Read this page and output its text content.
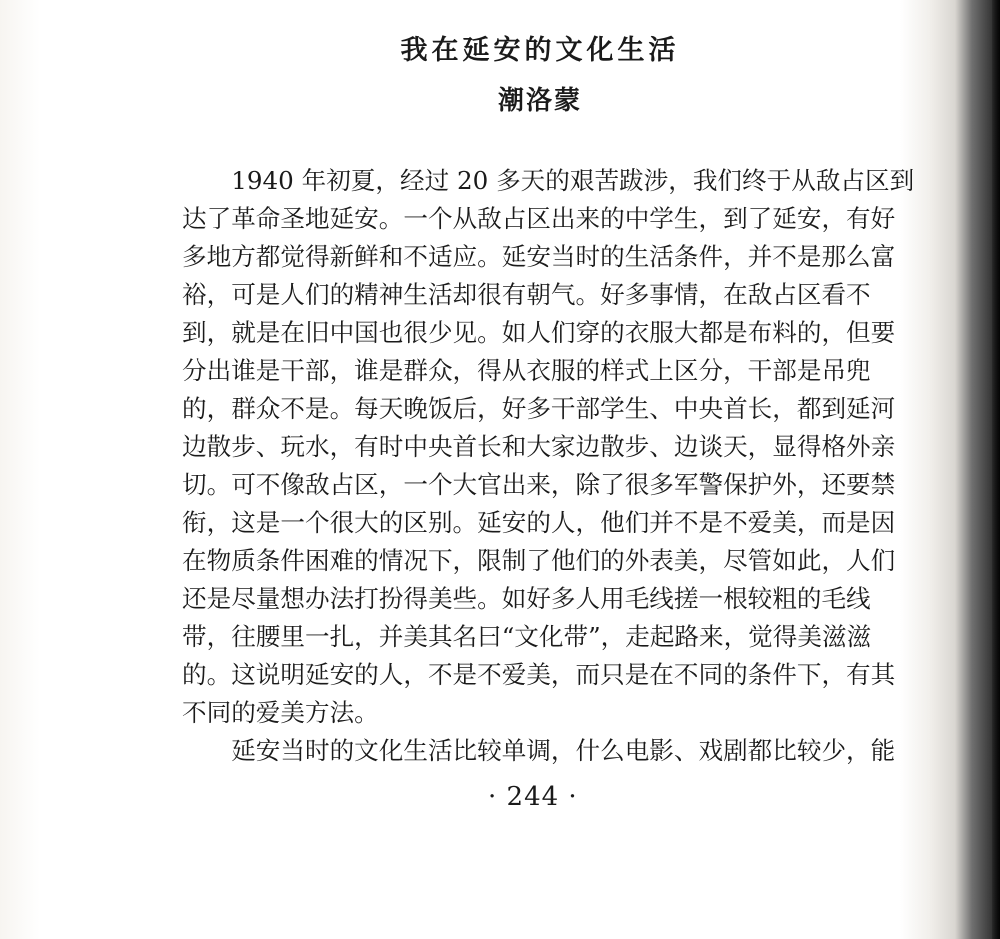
我在延安的文化生活
潮洛蒙
　　1940 年初夏，经过 20 多天的艰苦跋涉，我们终于从敌占区到
达了革命圣地延安。一个从敌占区出来的中学生，到了延安，有好
多地方都觉得新鲜和不适应。延安当时的生活条件，并不是那么富
裕，可是人们的精神生活却很有朝气。好多事情，在敌占区看不
到，就是在旧中国也很少见。如人们穿的衣服大都是布料的，但要
分出谁是干部，谁是群众，得从衣服的样式上区分，干部是吊兜
的，群众不是。每天晚饭后，好多干部学生、中央首长，都到延河
边散步、玩水，有时中央首长和大家边散步、边谈天，显得格外亲
切。可不像敌占区，一个大官出来，除了很多军警保护外，还要禁
衔，这是一个很大的区别。延安的人，他们并不是不爱美，而是因
在物质条件困难的情况下，限制了他们的外表美，尽管如此，人们
还是尽量想办法打扮得美些。如好多人用毛线搓一根较粗的毛线
带，往腰里一扎，并美其名曰“文化带”，走起路来，觉得美滋滋
的。这说明延安的人，不是不爱美，而只是在不同的条件下，有其
不同的爱美方法。
　　延安当时的文化生活比较单调，什么电影、戏剧都比较少，能
· 244 ·
